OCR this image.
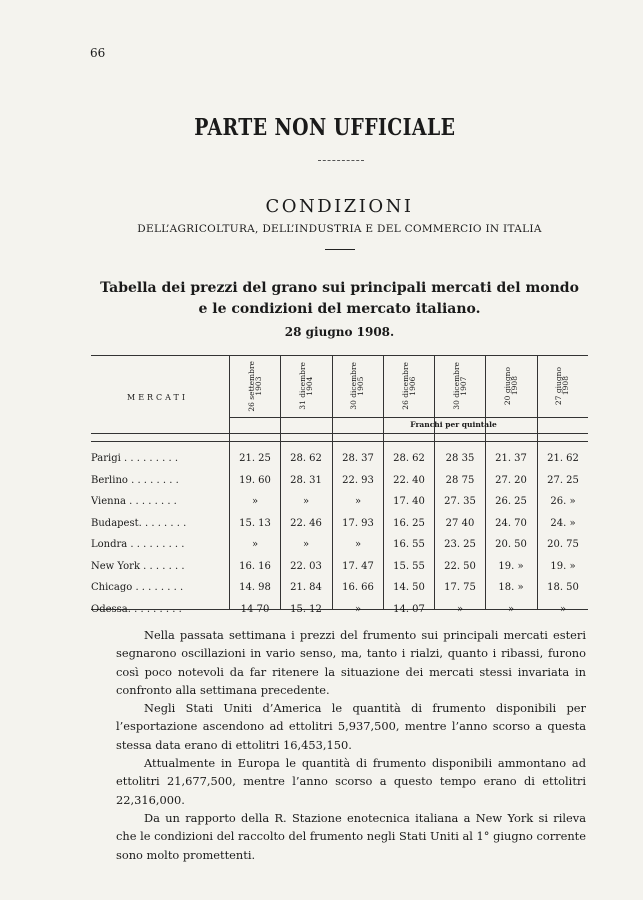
66
PARTE NON UFFICIALE
CONDIZIONI
DELL’AGRICOLTURA, DELL’INDUSTRIA E DEL COMMERCIO IN ITALIA
Tabella dei prezzi del grano sui principali mercati del mondo
e le condizioni del mercato italiano.
28 giugno 1908.
MERCATI
26 settembre
1903
31 dicembre
1904
30 dicembre
1905
26 dicembre
1906
30 dicembre
1907
20 giugno
1908
27 giugno
1908
Franchi per quintale
Parigi . . . . . . . . .	21. 25	28. 62	28. 37	28. 62	28 35	21. 37	21. 62
Berlino . . . . . . . .	19. 60	28. 31	22. 93	22. 40	28 75	27. 20	27. 25
Vienna . . . . . . . .	»	»	»	17. 40	27. 35	26. 25	26. »
Budapest. . . . . . . .	15. 13	22. 46	17. 93	16. 25	27 40	24. 70	24. »
Londra . . . . . . . . .	»	»	»	16. 55	23. 25	20. 50	20. 75
New York . . . . . . .	16. 16	22. 03	17. 47	15. 55	22. 50	19. »	19. »
Chicago . . . . . . . .	14. 98	21. 84	16. 66	14. 50	17. 75	18. »	18. 50
Odessa. . . . . . . . .	14 70	15. 12	»	14. 07	»	»	»

Nella passata settimana i prezzi del frumento sui principali mercati esteri segnarono oscillazioni in vario senso, ma, tanto i rialzi, quanto i ribassi, furono così poco notevoli da far ritenere la situazione dei mercati stessi invariata in confronto alla settimana precedente.

Negli Stati Uniti d’America le quantità di frumento disponibili per l’esportazione ascendono ad ettolitri 5,937,500, mentre l’anno scorso a questa stessa data erano di ettolitri 16,453,150.

Attualmente in Europa le quantità di frumento disponibili ammontano ad ettolitri 21,677,500, mentre l’anno scorso a questo tempo erano di ettolitri 22,316,000.

Da un rapporto della R. Stazione enotecnica italiana a New York si rileva che le condizioni del raccolto del frumento negli Stati Uniti al 1° giugno corrente sono molto promettenti.
